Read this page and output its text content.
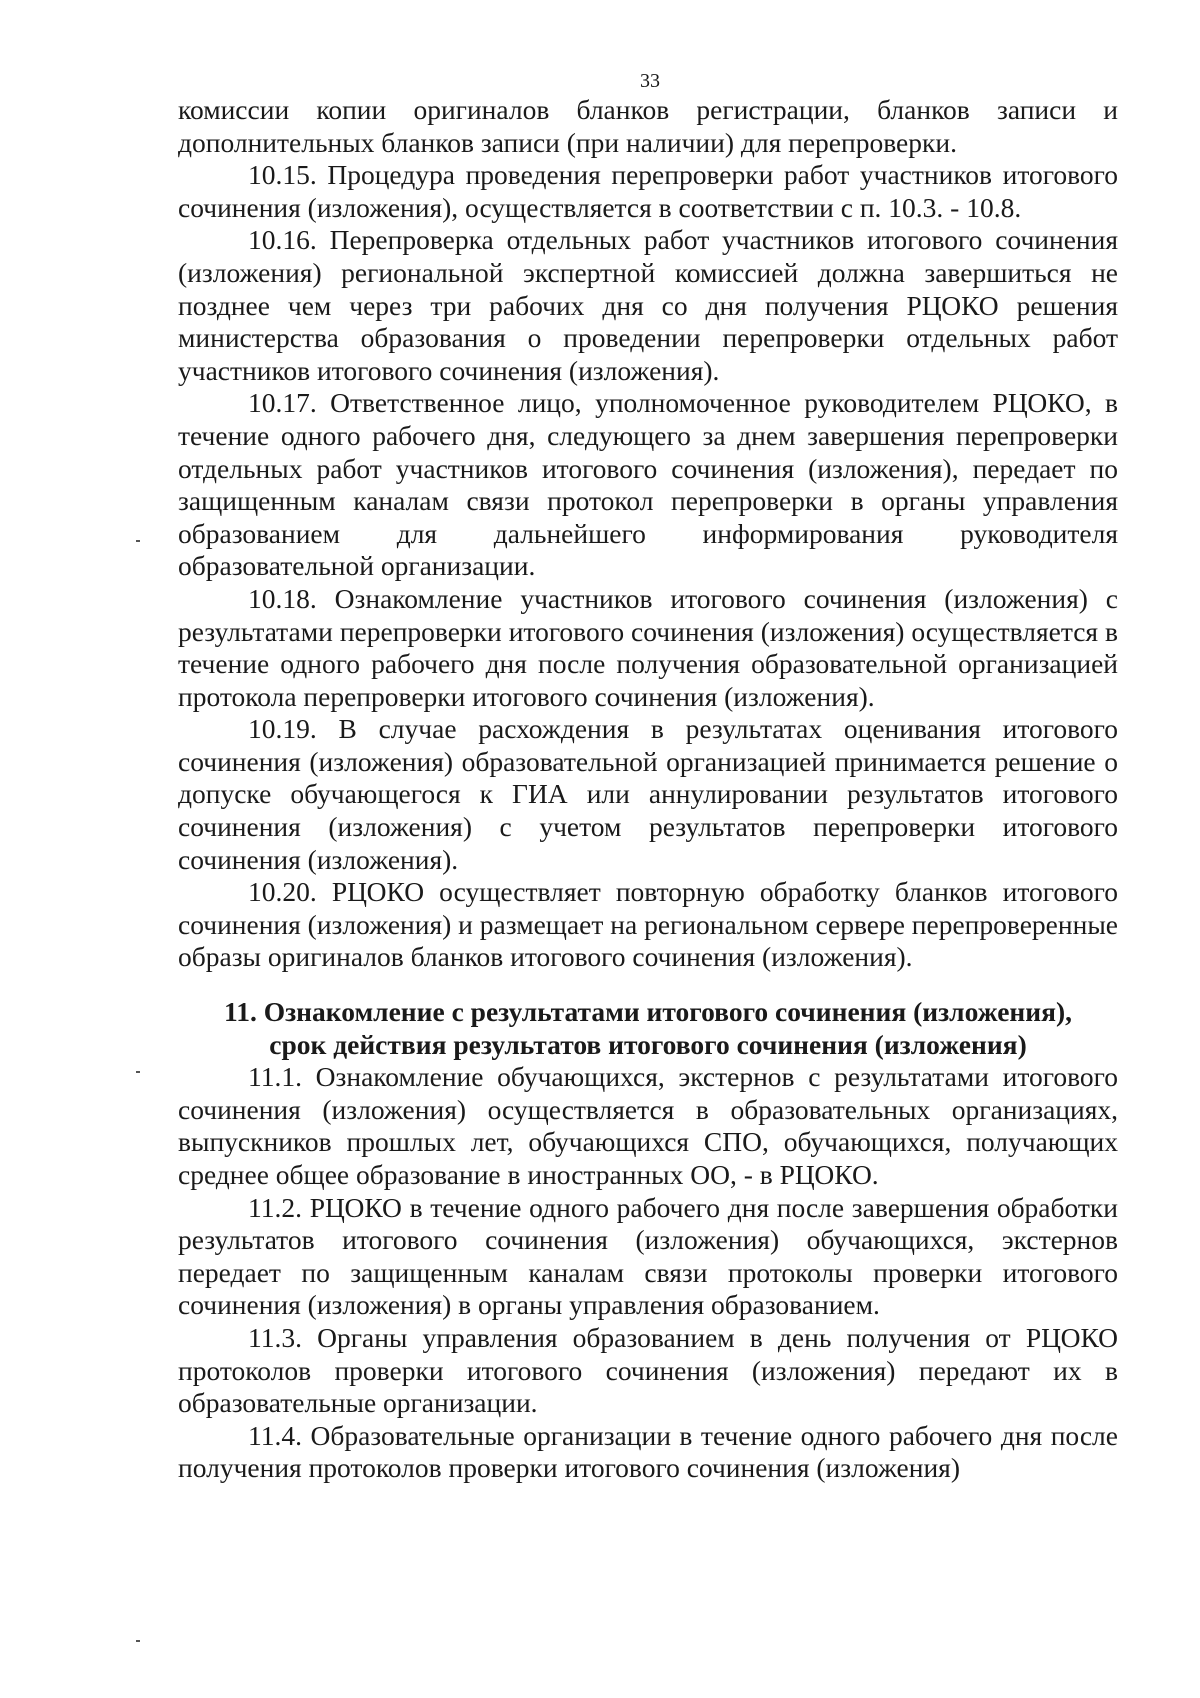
33

комиссии копии оригиналов бланков регистрации, бланков записи и дополнительных бланков записи (при наличии) для перепроверки.

10.15. Процедура проведения перепроверки работ участников итогового сочинения (изложения), осуществляется в соответствии с п. 10.3. - 10.8.

10.16. Перепроверка отдельных работ участников итогового сочинения (изложения) региональной экспертной комиссией должна завершиться не позднее чем через три рабочих дня со дня получения РЦОКО решения министерства образования о проведении перепроверки отдельных работ участников итогового сочинения (изложения).

10.17. Ответственное лицо, уполномоченное руководителем РЦОКО, в течение одного рабочего дня, следующего за днем завершения перепроверки отдельных работ участников итогового сочинения (изложения), передает по защищенным каналам связи протокол перепроверки в органы управления образованием для дальнейшего информирования руководителя образовательной организации.

10.18. Ознакомление участников итогового сочинения (изложения) с результатами перепроверки итогового сочинения (изложения) осуществляется в течение одного рабочего дня после получения образовательной организацией протокола перепроверки итогового сочинения (изложения).

10.19. В случае расхождения в результатах оценивания итогового сочинения (изложения) образовательной организацией принимается решение о допуске обучающегося к ГИА или аннулировании результатов итогового сочинения (изложения) с учетом результатов перепроверки итогового сочинения (изложения).

10.20. РЦОКО осуществляет повторную обработку бланков итогового сочинения (изложения) и размещает на региональном сервере перепроверенные образы оригиналов бланков итогового сочинения (изложения).

11. Ознакомление с результатами итогового сочинения (изложения),
срок действия результатов итогового сочинения (изложения)

11.1. Ознакомление обучающихся, экстернов с результатами итогового сочинения (изложения) осуществляется в образовательных организациях, выпускников прошлых лет, обучающихся СПО, обучающихся, получающих среднее общее образование в иностранных ОО, - в РЦОКО.

11.2. РЦОКО в течение одного рабочего дня после завершения обработки результатов итогового сочинения (изложения) обучающихся, экстернов передает по защищенным каналам связи протоколы проверки итогового сочинения (изложения) в органы управления образованием.

11.3. Органы управления образованием в день получения от РЦОКО протоколов проверки итогового сочинения (изложения) передают их в образовательные организации.

11.4. Образовательные организации в течение одного рабочего дня после получения протоколов проверки итогового сочинения (изложения)
